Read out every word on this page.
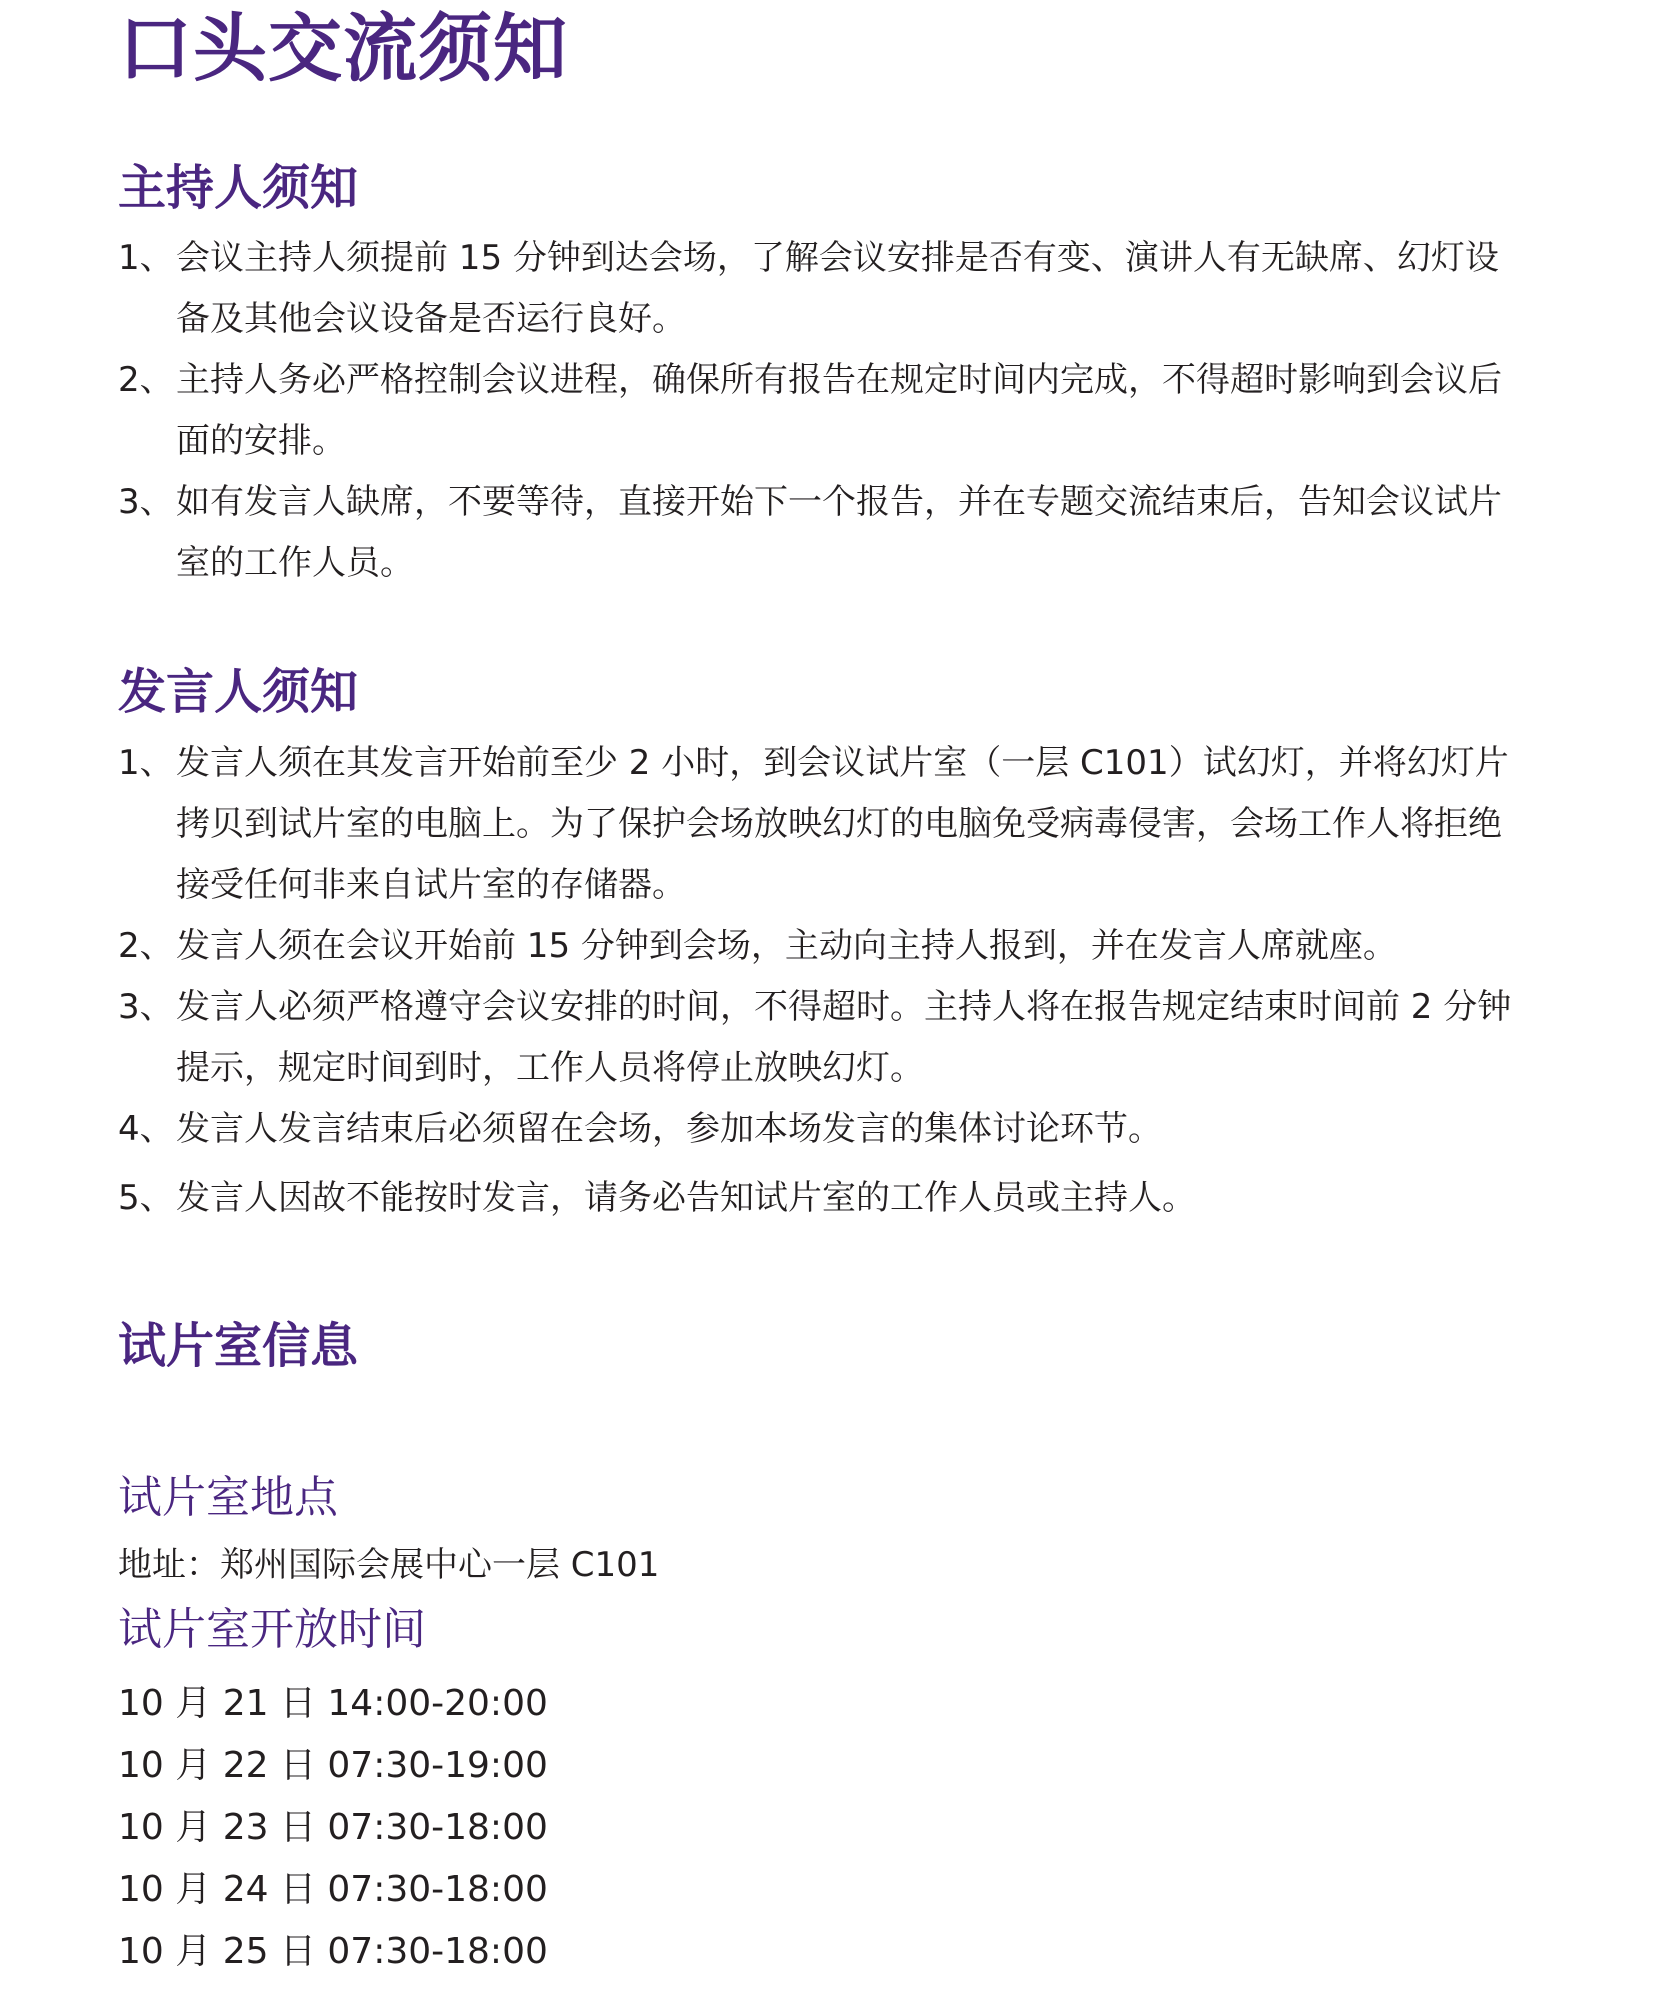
口头交流须知
主持人须知
1、 会议主持人须提前 15 分钟到达会场，了解会议安排是否有变、演讲人有无缺席、幻灯设备及其他会议设备是否运行良好。
2、 主持人务必严格控制会议进程，确保所有报告在规定时间内完成，不得超时影响到会议后面的安排。
3、 如有发言人缺席，不要等待，直接开始下一个报告，并在专题交流结束后，告知会议试片室的工作人员。
发言人须知
1、 发言人须在其发言开始前至少 2 小时，到会议试片室（一层 C101）试幻灯，并将幻灯片拷贝到试片室的电脑上。为了保护会场放映幻灯的电脑免受病毒侵害，会场工作人将拒绝接受任何非来自试片室的存储器。
2、 发言人须在会议开始前 15 分钟到会场，主动向主持人报到，并在发言人席就座。
3、 发言人必须严格遵守会议安排的时间，不得超时。主持人将在报告规定结束时间前 2 分钟提示，规定时间到时，工作人员将停止放映幻灯。
4、 发言人发言结束后必须留在会场，参加本场发言的集体讨论环节。
5、 发言人因故不能按时发言，请务必告知试片室的工作人员或主持人。
试片室信息
试片室地点

地址：郑州国际会展中心一层 C101

试片室开放时间
10 月 21 日 14:00-20:00
10 月 22 日 07:30-19:00
10 月 23 日 07:30-18:00
10 月 24 日 07:30-18:00
10 月 25 日 07:30-18:00
